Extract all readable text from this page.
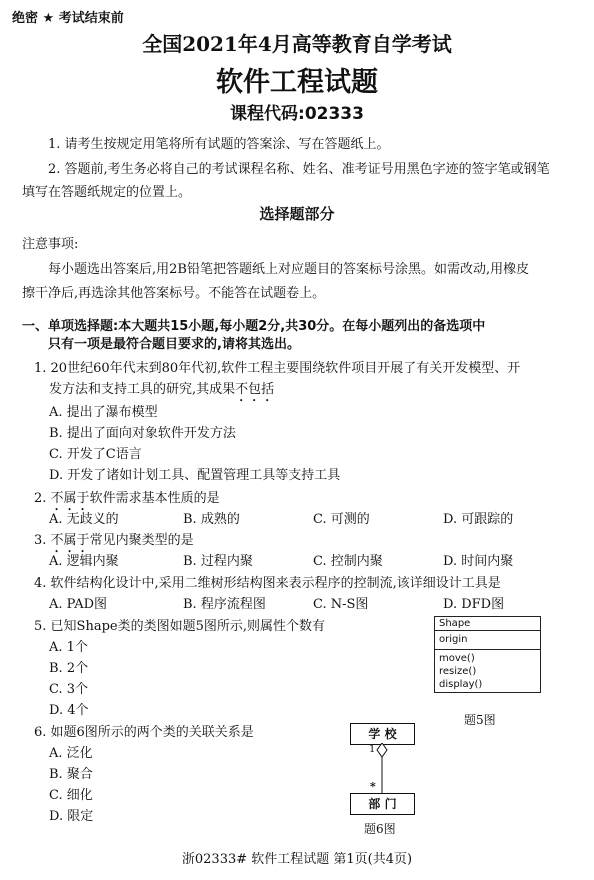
绝密 ★ 考试结束前
全国2021年4月高等教育自学考试
软件工程试题
课程代码:02333
1. 请考生按规定用笔将所有试题的答案涂、写在答题纸上。
2. 答题前,考生务必将自己的考试课程名称、姓名、准考证号用黑色字迹的签字笔或钢笔
填写在答题纸规定的位置上。
选择题部分
注意事项:
每小题选出答案后,用2B铅笔把答题纸上对应题目的答案标号涂黑。如需改动,用橡皮
擦干净后,再选涂其他答案标号。不能答在试题卷上。
一、单项选择题:本大题共15小题,每小题2分,共30分。在每小题列出的备选项中
只有一项是最符合题目要求的,请将其选出。
1. 20世纪60年代末到80年代初,软件工程主要围绕软件项目开展了有关开发模型、开
发方法和支持工具的研究,其成果不包括
A. 提出了瀑布模型
B. 提出了面向对象软件开发方法
C. 开发了C语言
D. 开发了诸如计划工具、配置管理工具等支持工具
2. 不属于软件需求基本性质的是
A. 无歧义的	B. 成熟的	C. 可测的	D. 可跟踪的
3. 不属于常见内聚类型的是
A. 逻辑内聚	B. 过程内聚	C. 控制内聚	D. 时间内聚
4. 软件结构化设计中,采用二维树形结构图来表示程序的控制流,该详细设计工具是
A. PAD图	B. 程序流程图	C. N-S图	D. DFD图
5. 已知Shape类的类图如题5图所示,则属性个数有
A. 1个
B. 2个
C. 3个
D. 4个
Shape
origin
move()
resize()
display()
题5图
6. 如题6图所示的两个类的关联关系是
A. 泛化
B. 聚合
C. 细化
D. 限定
学 校
1
*
部 门
题6图
浙02333# 软件工程试题 第1页(共4页)
